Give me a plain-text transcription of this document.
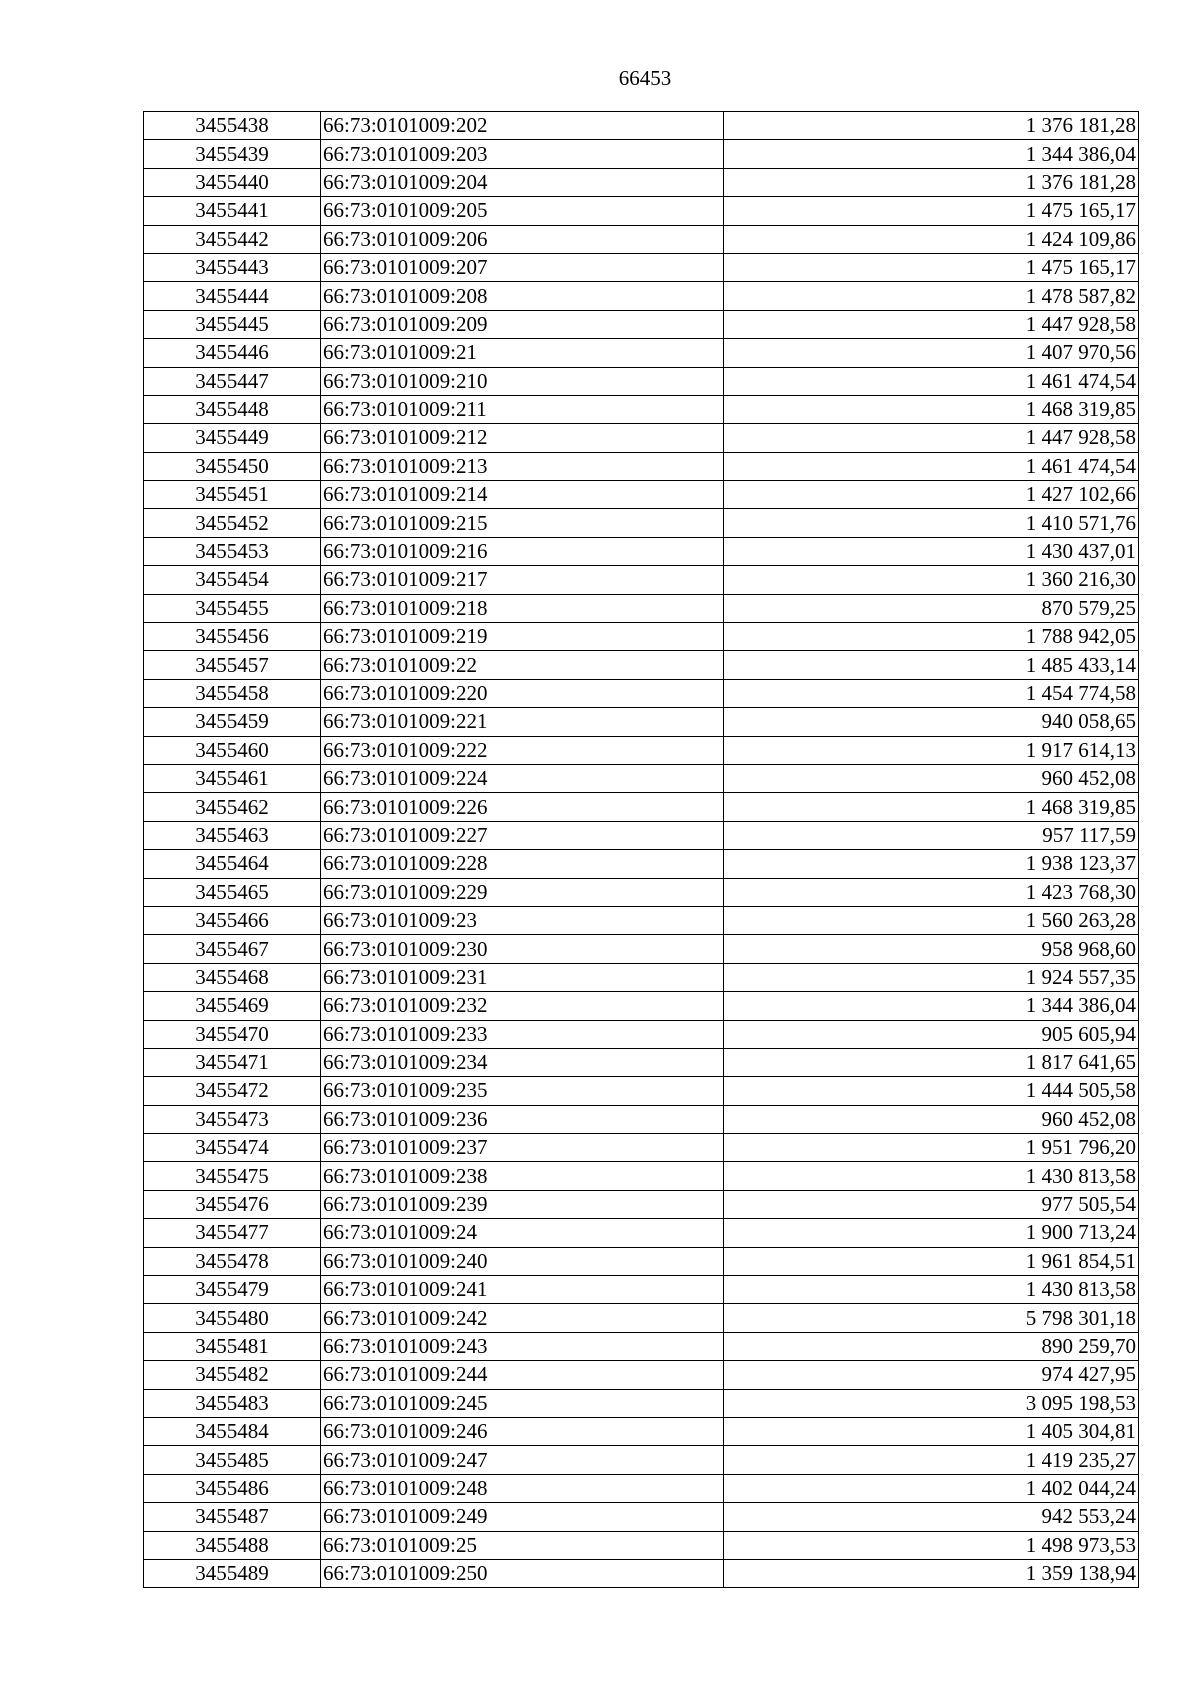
66453
3455438	66:73:0101009:202	1 376 181,28
3455439	66:73:0101009:203	1 344 386,04
3455440	66:73:0101009:204	1 376 181,28
3455441	66:73:0101009:205	1 475 165,17
3455442	66:73:0101009:206	1 424 109,86
3455443	66:73:0101009:207	1 475 165,17
3455444	66:73:0101009:208	1 478 587,82
3455445	66:73:0101009:209	1 447 928,58
3455446	66:73:0101009:21	1 407 970,56
3455447	66:73:0101009:210	1 461 474,54
3455448	66:73:0101009:211	1 468 319,85
3455449	66:73:0101009:212	1 447 928,58
3455450	66:73:0101009:213	1 461 474,54
3455451	66:73:0101009:214	1 427 102,66
3455452	66:73:0101009:215	1 410 571,76
3455453	66:73:0101009:216	1 430 437,01
3455454	66:73:0101009:217	1 360 216,30
3455455	66:73:0101009:218	870 579,25
3455456	66:73:0101009:219	1 788 942,05
3455457	66:73:0101009:22	1 485 433,14
3455458	66:73:0101009:220	1 454 774,58
3455459	66:73:0101009:221	940 058,65
3455460	66:73:0101009:222	1 917 614,13
3455461	66:73:0101009:224	960 452,08
3455462	66:73:0101009:226	1 468 319,85
3455463	66:73:0101009:227	957 117,59
3455464	66:73:0101009:228	1 938 123,37
3455465	66:73:0101009:229	1 423 768,30
3455466	66:73:0101009:23	1 560 263,28
3455467	66:73:0101009:230	958 968,60
3455468	66:73:0101009:231	1 924 557,35
3455469	66:73:0101009:232	1 344 386,04
3455470	66:73:0101009:233	905 605,94
3455471	66:73:0101009:234	1 817 641,65
3455472	66:73:0101009:235	1 444 505,58
3455473	66:73:0101009:236	960 452,08
3455474	66:73:0101009:237	1 951 796,20
3455475	66:73:0101009:238	1 430 813,58
3455476	66:73:0101009:239	977 505,54
3455477	66:73:0101009:24	1 900 713,24
3455478	66:73:0101009:240	1 961 854,51
3455479	66:73:0101009:241	1 430 813,58
3455480	66:73:0101009:242	5 798 301,18
3455481	66:73:0101009:243	890 259,70
3455482	66:73:0101009:244	974 427,95
3455483	66:73:0101009:245	3 095 198,53
3455484	66:73:0101009:246	1 405 304,81
3455485	66:73:0101009:247	1 419 235,27
3455486	66:73:0101009:248	1 402 044,24
3455487	66:73:0101009:249	942 553,24
3455488	66:73:0101009:25	1 498 973,53
3455489	66:73:0101009:250	1 359 138,94
